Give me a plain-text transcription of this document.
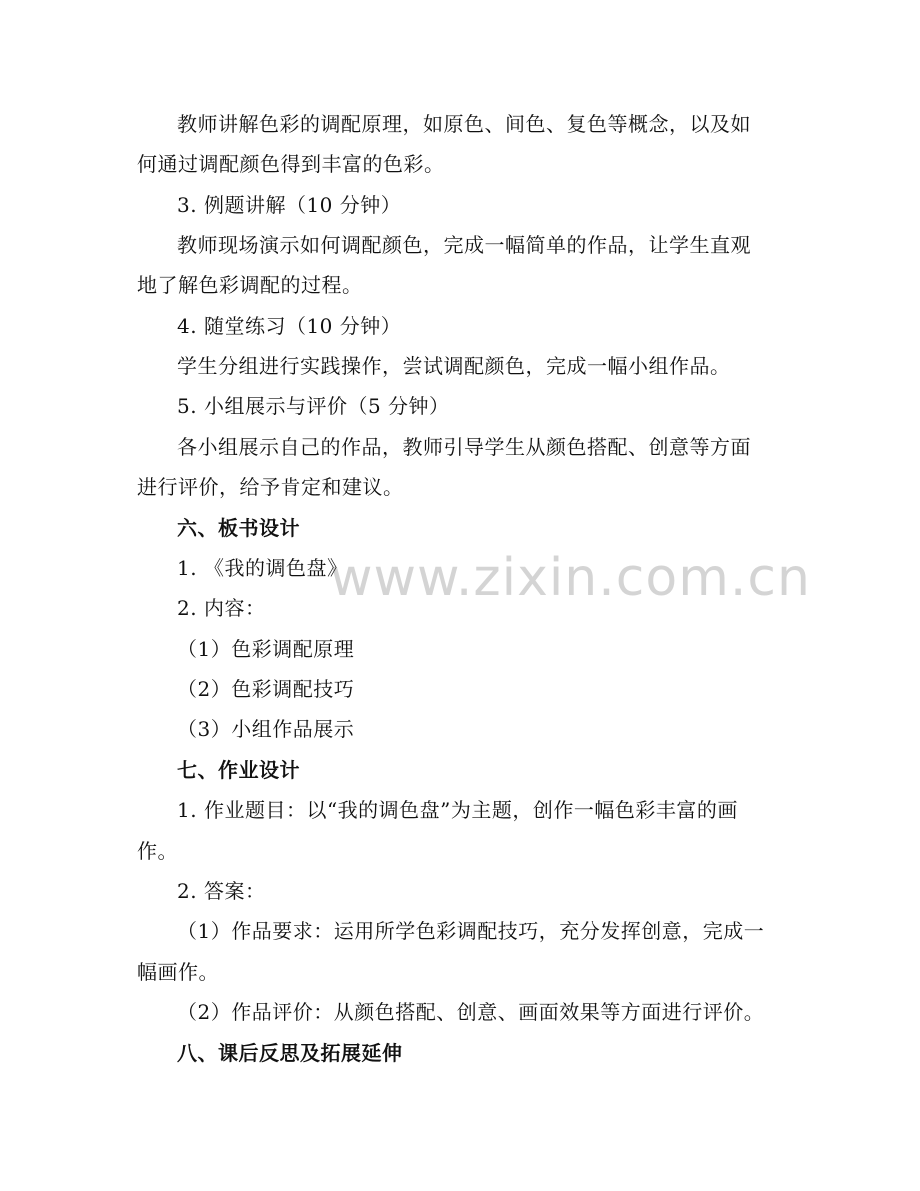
www.zixin.com.cn
教师讲解色彩的调配原理，如原色、间色、复色等概念，以及如
何通过调配颜色得到丰富的色彩。
3. 例题讲解（10 分钟）
教师现场演示如何调配颜色，完成一幅简单的作品，让学生直观
地了解色彩调配的过程。
4. 随堂练习（10 分钟）
学生分组进行实践操作，尝试调配颜色，完成一幅小组作品。
5. 小组展示与评价（5 分钟）
各小组展示自己的作品，教师引导学生从颜色搭配、创意等方面
进行评价，给予肯定和建议。
六、板书设计
1. 《我的调色盘》
2. 内容：
（1）色彩调配原理
（2）色彩调配技巧
（3）小组作品展示
七、作业设计
1. 作业题目：以“我的调色盘”为主题，创作一幅色彩丰富的画
作。
2. 答案：
（1）作品要求：运用所学色彩调配技巧，充分发挥创意，完成一
幅画作。
（2）作品评价：从颜色搭配、创意、画面效果等方面进行评价。
八、课后反思及拓展延伸
